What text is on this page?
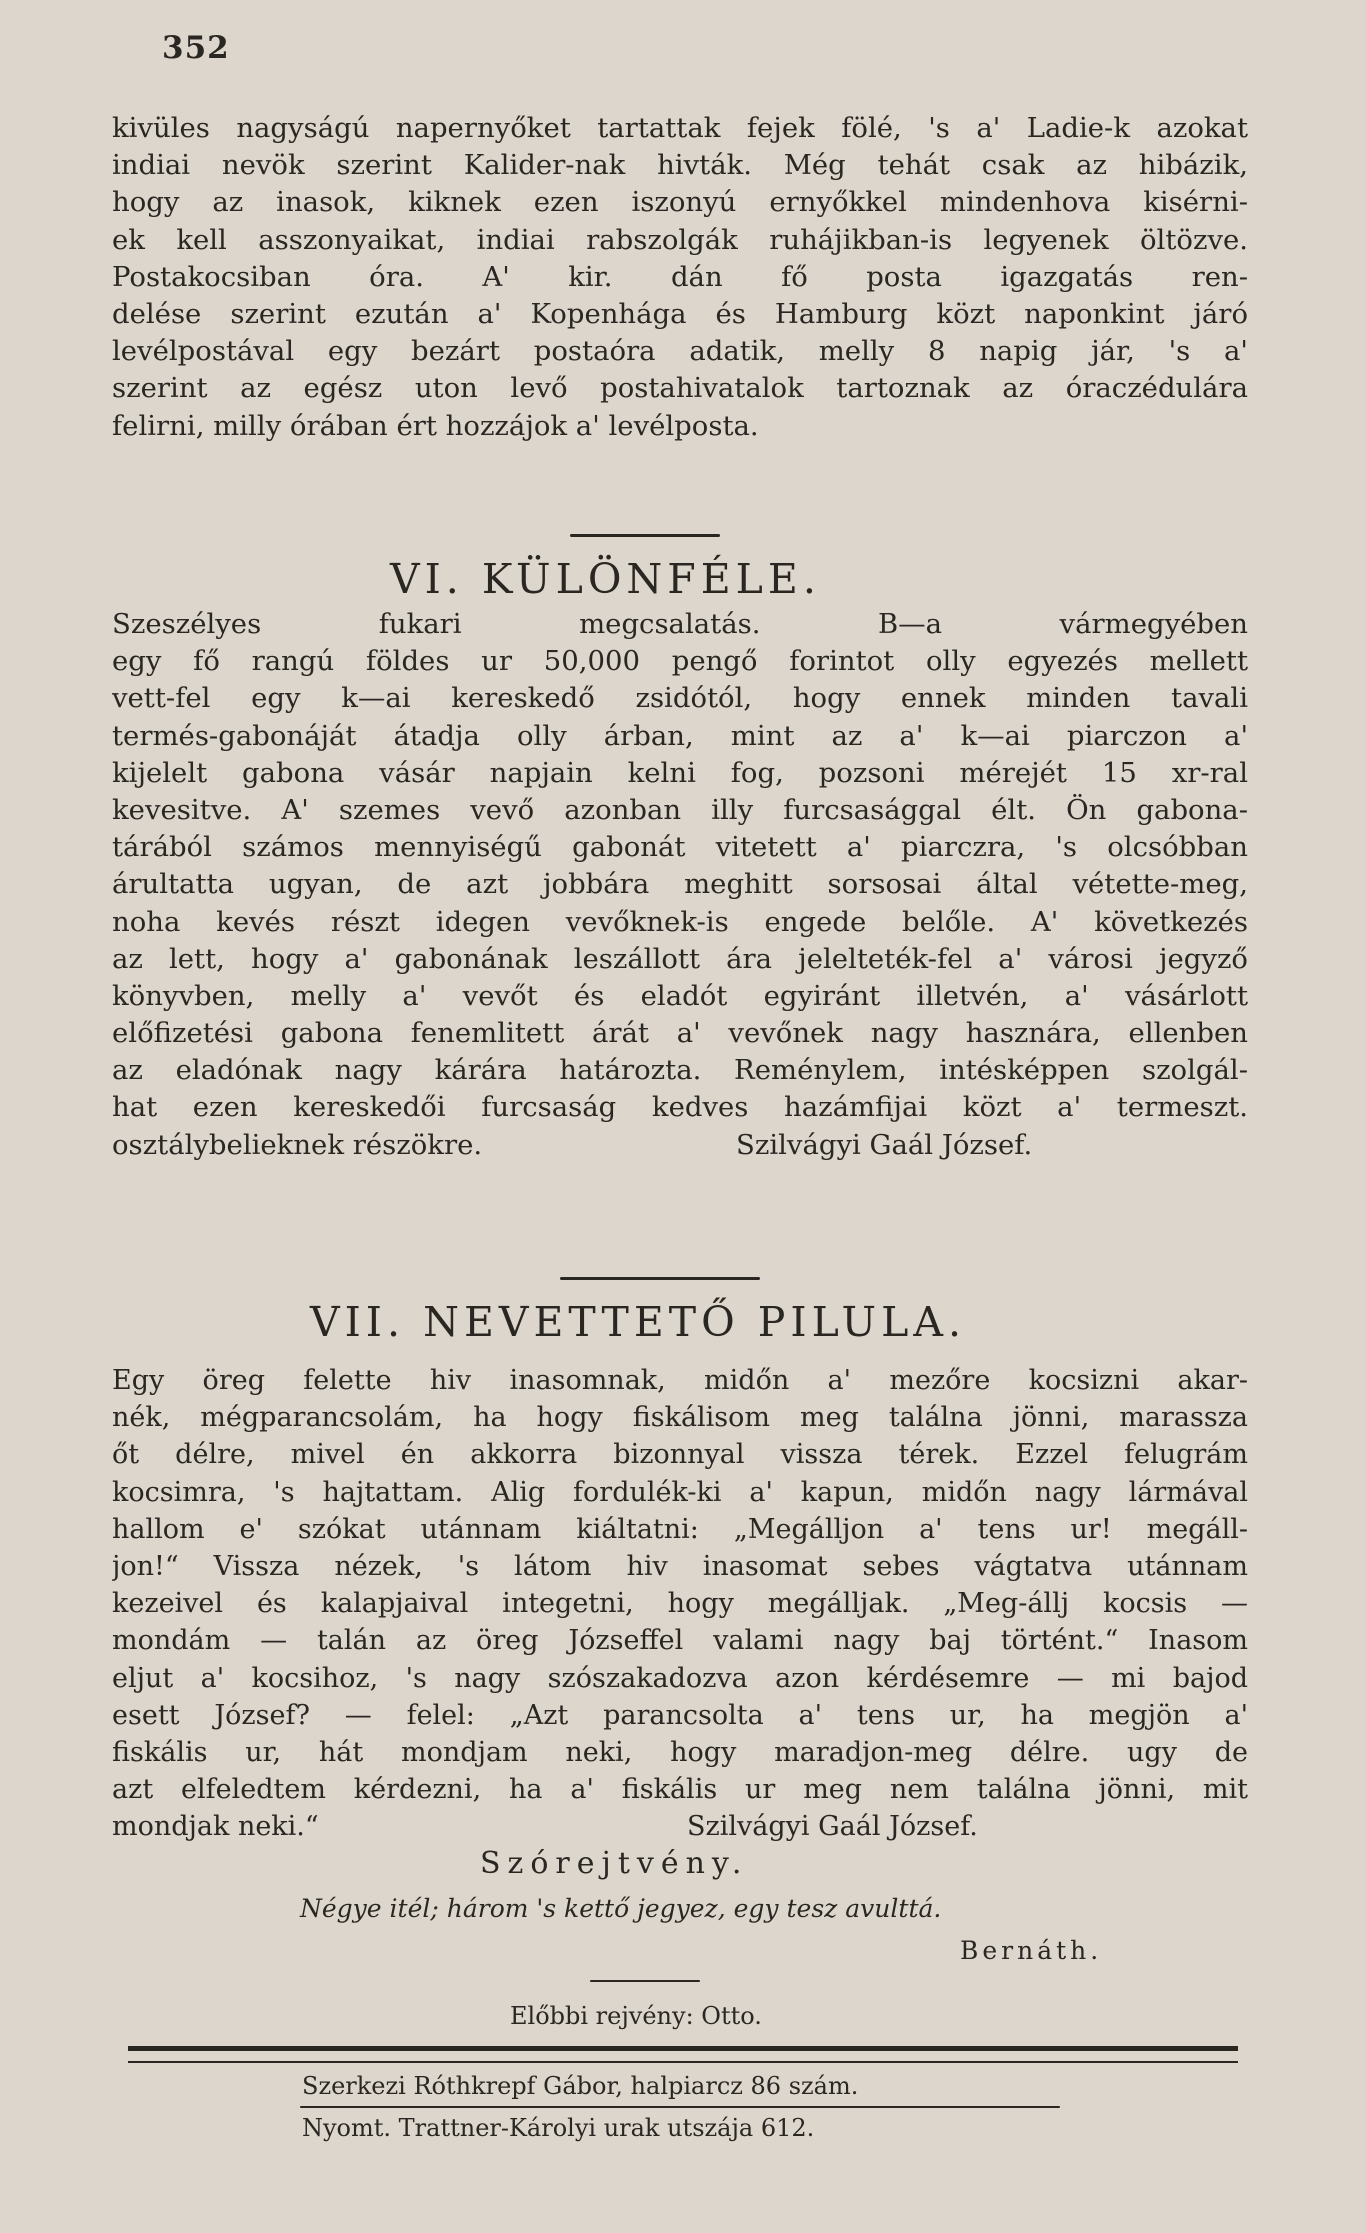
352
kivüles nagyságú napernyőket tartattak fejek fölé, 's a' Ladie-k azokat
indiai nevök szerint Kalider-nak hivták. Még tehát csak az hibázik,
hogy az inasok, kiknek ezen iszonyú ernyőkkel mindenhova kisérni-
ek kell asszonyaikat, indiai rabszolgák ruhájikban-is legyenek öltözve.
Postakocsiban óra. A' kir. dán fő posta igazgatás ren-
delése szerint ezután a' Kopenhága és Hamburg közt naponkint járó
levélpostával egy bezárt postaóra adatik, melly 8 napig jár, 's a'
szerint az egész uton levő postahivatalok tartoznak az óraczédulára
felirni, milly órában ért hozzájok a' levélposta.
VI. KÜLÖNFÉLE.
Szeszélyes fukari megcsalatás. B—a vármegyében
egy fő rangú földes ur 50,000 pengő forintot olly egyezés mellett
vett-fel egy k—ai kereskedő zsidótól, hogy ennek minden tavali
termés-gabonáját átadja olly árban, mint az a' k—ai piarczon a'
kijelelt gabona vásár napjain kelni fog, pozsoni mérejét 15 xr-ral
kevesitve. A' szemes vevő azonban illy furcsasággal élt. Ön gabona-
tárából számos mennyiségű gabonát vitetett a' piarczra, 's olcsóbban
árultatta ugyan, de azt jobbára meghitt sorsosai által vétette-meg,
noha kevés részt idegen vevőknek-is engede belőle. A' következés
az lett, hogy a' gabonának leszállott ára jelelteték-fel a' városi jegyző
könyvben, melly a' vevőt és eladót egyiránt illetvén, a' vásárlott
előfizetési gabona fenemlitett árát a' vevőnek nagy hasznára, ellenben
az eladónak nagy kárára határozta. Reménylem, intésképpen szolgál-
hat ezen kereskedői furcsaság kedves hazámfijai közt a' termeszt.
osztálybelieknek részökre.	Szilvágyi Gaál József.
VII. NEVETTETŐ PILULA.
Egy öreg felette hiv inasomnak, midőn a' mezőre kocsizni akar-
nék, mégparancsolám, ha hogy fiskálisom meg találna jönni, marassza
őt délre, mivel én akkorra bizonnyal vissza térek. Ezzel felugrám
kocsimra, 's hajtattam. Alig fordulék-ki a' kapun, midőn nagy lármával
hallom e' szókat utánnam kiáltatni: „Megálljon a' tens ur! megáll-
jon!“ Vissza nézek, 's látom hiv inasomat sebes vágtatva utánnam
kezeivel és kalapjaival integetni, hogy megálljak. „Meg-állj kocsis —
mondám — talán az öreg Józseffel valami nagy baj történt.“ Inasom
eljut a' kocsihoz, 's nagy szószakadozva azon kérdésemre — mi bajod
esett József? — felel: „Azt parancsolta a' tens ur, ha megjön a'
fiskális ur, hát mondjam neki, hogy maradjon-meg délre. ugy de
azt elfeledtem kérdezni, ha a' fiskális ur meg nem találna jönni, mit
mondjak neki.“	Szilvágyi Gaál József.
Szórejtvény.
Négye itél; három 's kettő jegyez, egy tesz avulttá.
Bernáth.
Előbbi rejvény: Otto.
Szerkezi Róthkrepf Gábor, halpiarcz 86 szám.
Nyomt. Trattner-Károlyi urak utszája 612.
